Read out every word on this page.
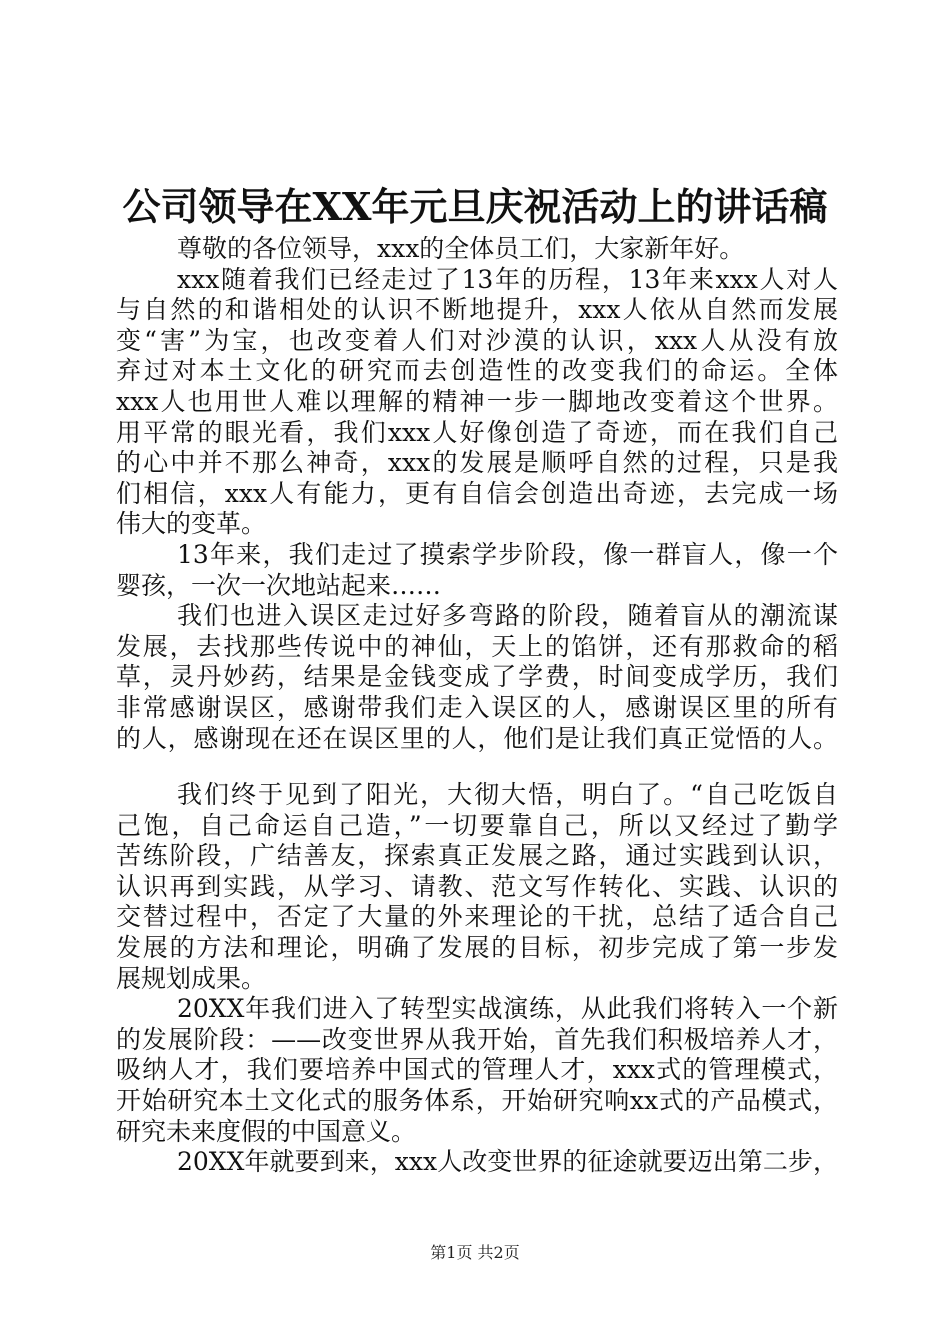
公司领导在XX年元旦庆祝活动上的讲话稿
尊敬的各位领导，xxx的全体员工们，大家新年好。
xxx随着我们已经走过了13年的历程，13年来xxx人对人
与自然的和谐相处的认识不断地提升，xxx人依从自然而发展
变“害”为宝，也改变着人们对沙漠的认识，xxx人从没有放
弃过对本土文化的研究而去创造性的改变我们的命运。全体
xxx人也用世人难以理解的精神一步一脚地改变着这个世界。
用平常的眼光看，我们xxx人好像创造了奇迹，而在我们自己
的心中并不那么神奇，xxx的发展是顺呼自然的过程，只是我
们相信，xxx人有能力，更有自信会创造出奇迹，去完成一场
伟大的变革。
13年来，我们走过了摸索学步阶段，像一群盲人，像一个
婴孩，一次一次地站起来……
我们也进入误区走过好多弯路的阶段，随着盲从的潮流谋
发展，去找那些传说中的神仙，天上的馅饼，还有那救命的稻
草，灵丹妙药，结果是金钱变成了学费，时间变成学历，我们
非常感谢误区，感谢带我们走入误区的人，感谢误区里的所有
的人，感谢现在还在误区里的人，他们是让我们真正觉悟的人。
我们终于见到了阳光，大彻大悟，明白了。“自己吃饭自
己饱，自己命运自己造，”一切要靠自己，所以又经过了勤学
苦练阶段，广结善友，探索真正发展之路，通过实践到认识，
认识再到实践，从学习、请教、范文写作转化、实践、认识的
交替过程中，否定了大量的外来理论的干扰，总结了适合自己
发展的方法和理论，明确了发展的目标，初步完成了第一步发
展规划成果。
20XX年我们进入了转型实战演练，从此我们将转入一个新
的发展阶段：——改变世界从我开始，首先我们积极培养人才，
吸纳人才，我们要培养中国式的管理人才，xxx式的管理模式，
开始研究本土文化式的服务体系，开始研究响xx式的产品模式，
研究未来度假的中国意义。
20XX年就要到来，xxx人改变世界的征途就要迈出第二步，
第1页 共2页
